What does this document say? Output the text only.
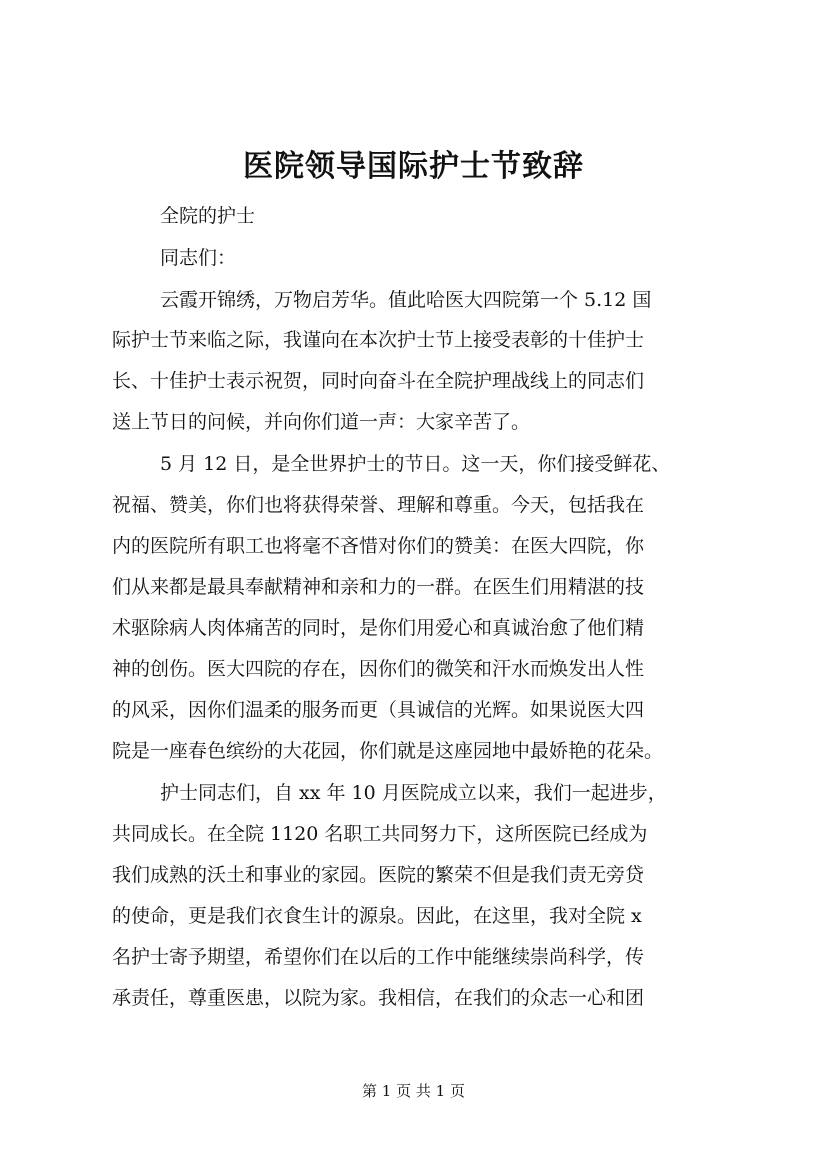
医院领导国际护士节致辞
全院的护士
同志们：
云霞开锦绣，万物启芳华。值此哈医大四院第一个 5.12 国
际护士节来临之际，我谨向在本次护士节上接受表彰的十佳护士
长、十佳护士表示祝贺，同时向奋斗在全院护理战线上的同志们
送上节日的问候，并向你们道一声：大家辛苦了。
5 月 12 日，是全世界护士的节日。这一天，你们接受鲜花、
祝福、赞美，你们也将获得荣誉、理解和尊重。今天，包括我在
内的医院所有职工也将毫不吝惜对你们的赞美：在医大四院，你
们从来都是最具奉献精神和亲和力的一群。在医生们用精湛的技
术驱除病人肉体痛苦的同时，是你们用爱心和真诚治愈了他们精
神的创伤。医大四院的存在，因你们的微笑和汗水而焕发出人性
的风采，因你们温柔的服务而更（具诚信的光辉。如果说医大四
院是一座春色缤纷的大花园，你们就是这座园地中最娇艳的花朵。
护士同志们，自 xx 年 10 月医院成立以来，我们一起进步，
共同成长。在全院 1120 名职工共同努力下，这所医院已经成为
我们成熟的沃土和事业的家园。医院的繁荣不但是我们责无旁贷
的使命，更是我们衣食生计的源泉。因此，在这里，我对全院 x
名护士寄予期望，希望你们在以后的工作中能继续崇尚科学，传
承责任，尊重医患，以院为家。我相信，在我们的众志一心和团
第 1 页 共 1 页
